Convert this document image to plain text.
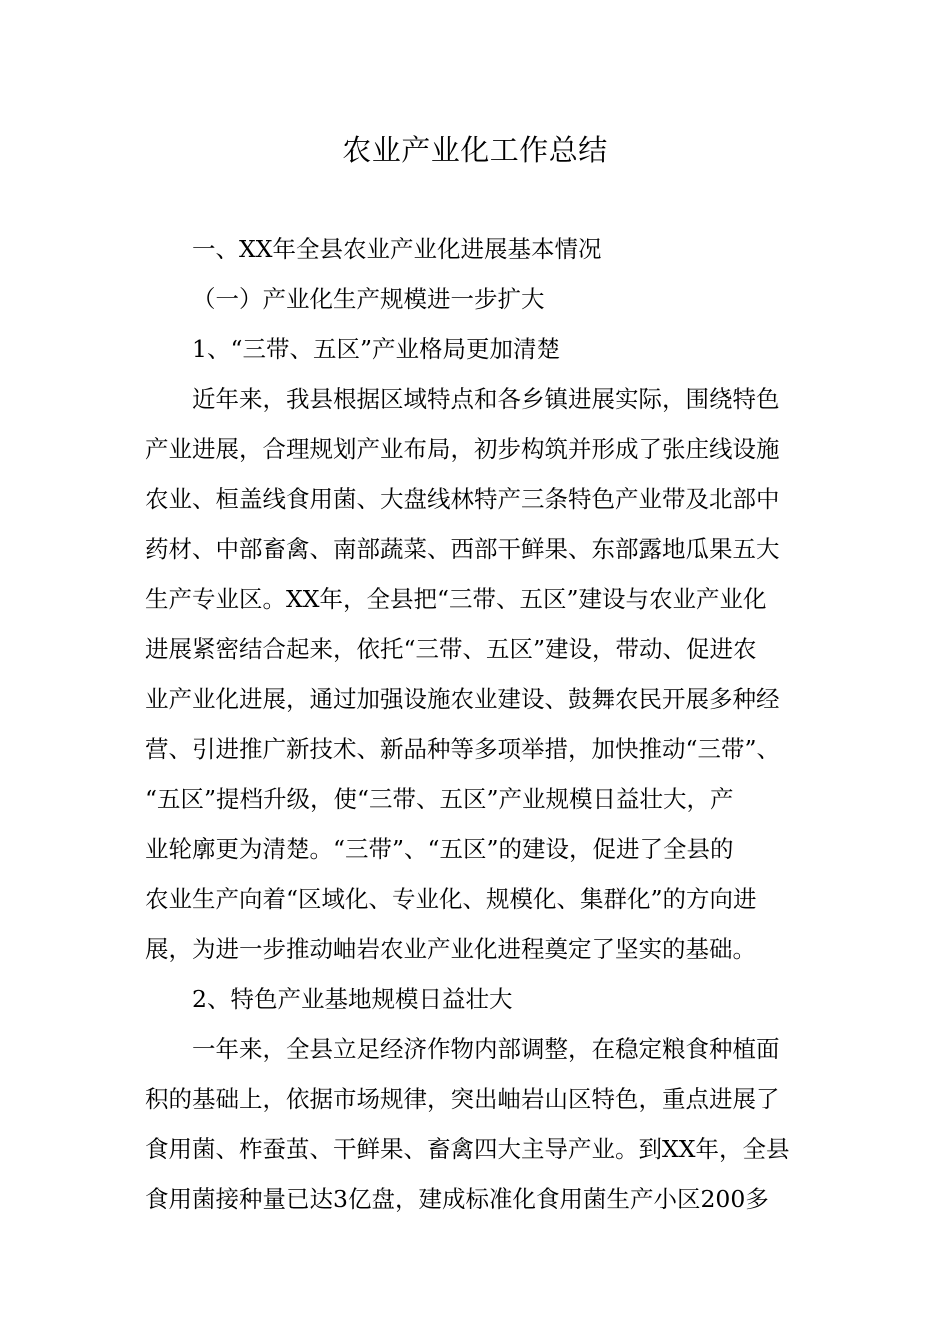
农业产业化工作总结
一、XX年全县农业产业化进展基本情况
（一）产业化生产规模进一步扩大
1、“三带、五区”产业格局更加清楚
近年来，我县根据区域特点和各乡镇进展实际，围绕特色
产业进展，合理规划产业布局，初步构筑并形成了张庄线设施
农业、桓盖线食用菌、大盘线林特产三条特色产业带及北部中
药材、中部畜禽、南部蔬菜、西部干鲜果、东部露地瓜果五大
生产专业区。XX年，全县把“三带、五区”建设与农业产业化
进展紧密结合起来，依托“三带、五区”建设，带动、促进农
业产业化进展，通过加强设施农业建设、鼓舞农民开展多种经
营、引进推广新技术、新品种等多项举措，加快推动“三带”、
“五区”提档升级，使“三带、五区”产业规模日益壮大，产
业轮廓更为清楚。“三带”、“五区”的建设，促进了全县的
农业生产向着“区域化、专业化、规模化、集群化”的方向进
展，为进一步推动岫岩农业产业化进程奠定了坚实的基础。
2、特色产业基地规模日益壮大
一年来，全县立足经济作物内部调整，在稳定粮食种植面
积的基础上，依据市场规律，突出岫岩山区特色，重点进展了
食用菌、柞蚕茧、干鲜果、畜禽四大主导产业。到XX年，全县
食用菌接种量已达3亿盘，建成标准化食用菌生产小区200多
